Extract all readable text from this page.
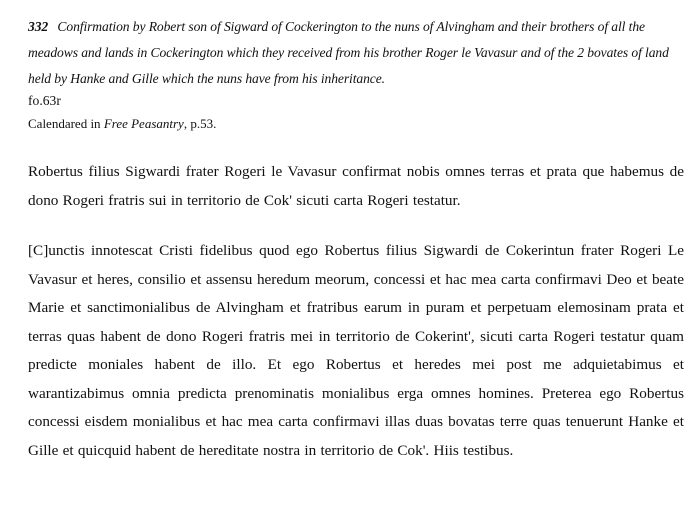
332 Confirmation by Robert son of Sigward of Cockerington to the nuns of Alvingham and their brothers of all the meadows and lands in Cockerington which they received from his brother Roger le Vavasur and of the 2 bovates of land held by Hanke and Gille which the nuns have from his inheritance.

fo.63r

Calendared in Free Peasantry, p.53.

Robertus filius Sigwardi frater Rogeri le Vavasur confirmat nobis omnes terras et prata que habemus de dono Rogeri fratris sui in territorio de Cok' sicuti carta Rogeri testatur.

[C]unctis innotescat Cristi fidelibus quod ego Robertus filius Sigwardi de Cokerintun frater Rogeri Le Vavasur et heres, consilio et assensu heredum meorum, concessi et hac mea carta confirmavi Deo et beate Marie et sanctimonialibus de Alvingham et fratribus earum in puram et perpetuam elemosinam prata et terras quas habent de dono Rogeri fratris mei in territorio de Cokerint', sicuti carta Rogeri testatur quam predicte moniales habent de illo. Et ego Robertus et heredes mei post me adquietabimus et warantizabimus omnia predicta prenominatis monialibus erga omnes homines. Preterea ego Robertus concessi eisdem monialibus et hac mea carta confirmavi illas duas bovatas terre quas tenuerunt Hanke et Gille et quicquid habent de hereditate nostra in territorio de Cok'. Hiis testibus.
